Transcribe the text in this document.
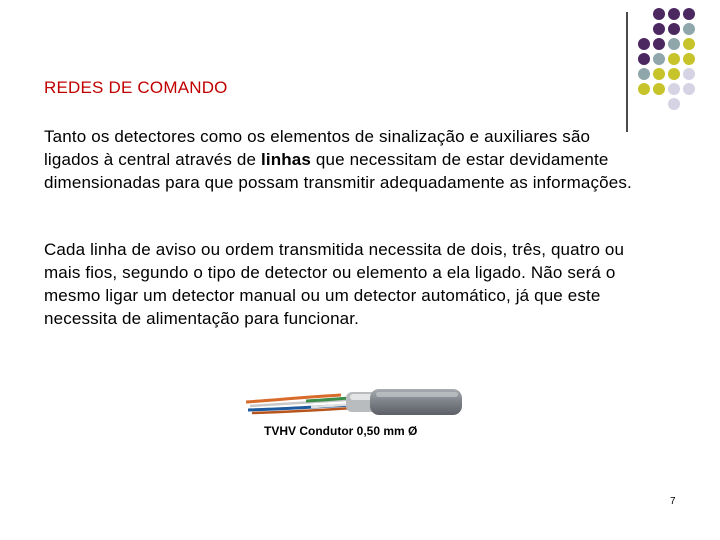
REDES DE COMANDO
Tanto os detectores como os elementos de sinalização e auxiliares são ligados à central através de linhas que necessitam de estar devidamente dimensionadas para que possam transmitir adequadamente as informações.
Cada linha de aviso ou ordem transmitida necessita de dois, três, quatro ou mais fios, segundo o tipo de detector ou elemento a ela ligado. Não será o mesmo ligar um detector manual ou um detector automático, já que este necessita de alimentação para funcionar.
TVHV Condutor 0,50 mm Ø
7
